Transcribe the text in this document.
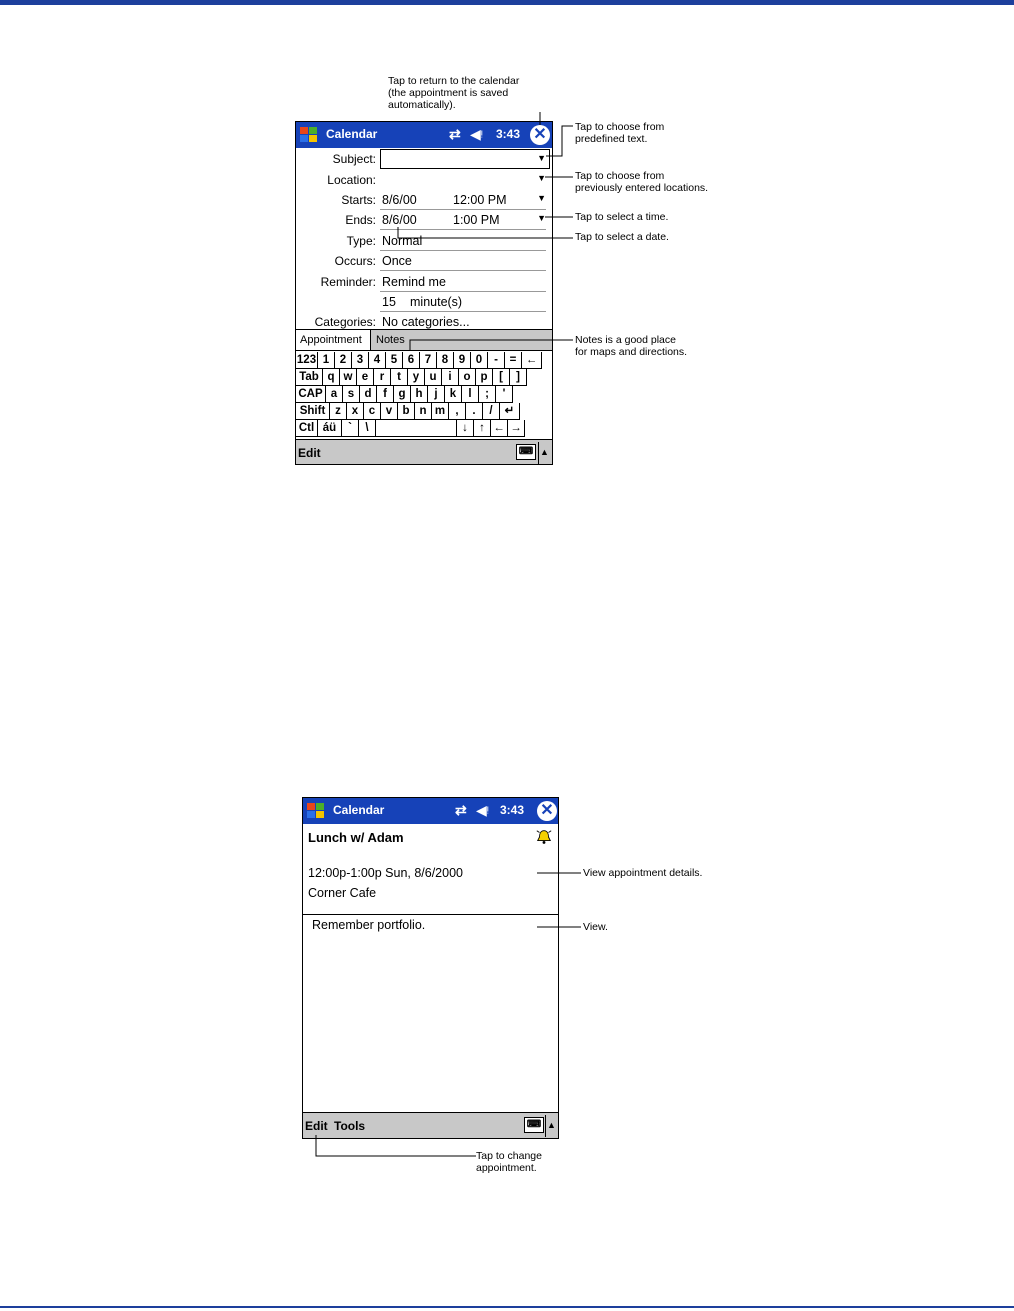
Calendar	⇄ ◀︎ᵎ 3:43 ✕
Subject:	▼
Location:	▼
Starts: 8/6/00	12:00 PM	▼
Ends: 8/6/00	1:00 PM	▼
Type: Normal
Occurs: Once
Reminder: Remind me
15 minute(s)
Categories: No categories...
Appointment	Notes
123 1 2 3 4 5 6 7 8 9 0	-	= ←
Tab q w e	r	t	y u	i	o p	[	]
CAP a s d	f	g h	j	k	l	;	'
Shift z x c v b n m ,	.	/	↵
Ctl áü	`	\	↓ ↑ ← →
Edit	⌨ ▲
Calendar	⇄ ◀︎ᵎ 3:43 ✕
Lunch w/ Adam
12:00p-1:00p Sun, 8/6/2000
Corner Cafe
Remember portfolio.
Edit Tools	⌨ ▲
Tap to return to the calendar
(the appointment is saved
automatically).
Tap to choose from
predefined text.
Tap to choose from
previously entered locations.
Tap to select a time.
Tap to select a date.
Notes is a good place
for maps and directions.
View appointment details.
View.
Tap to change
appointment.
